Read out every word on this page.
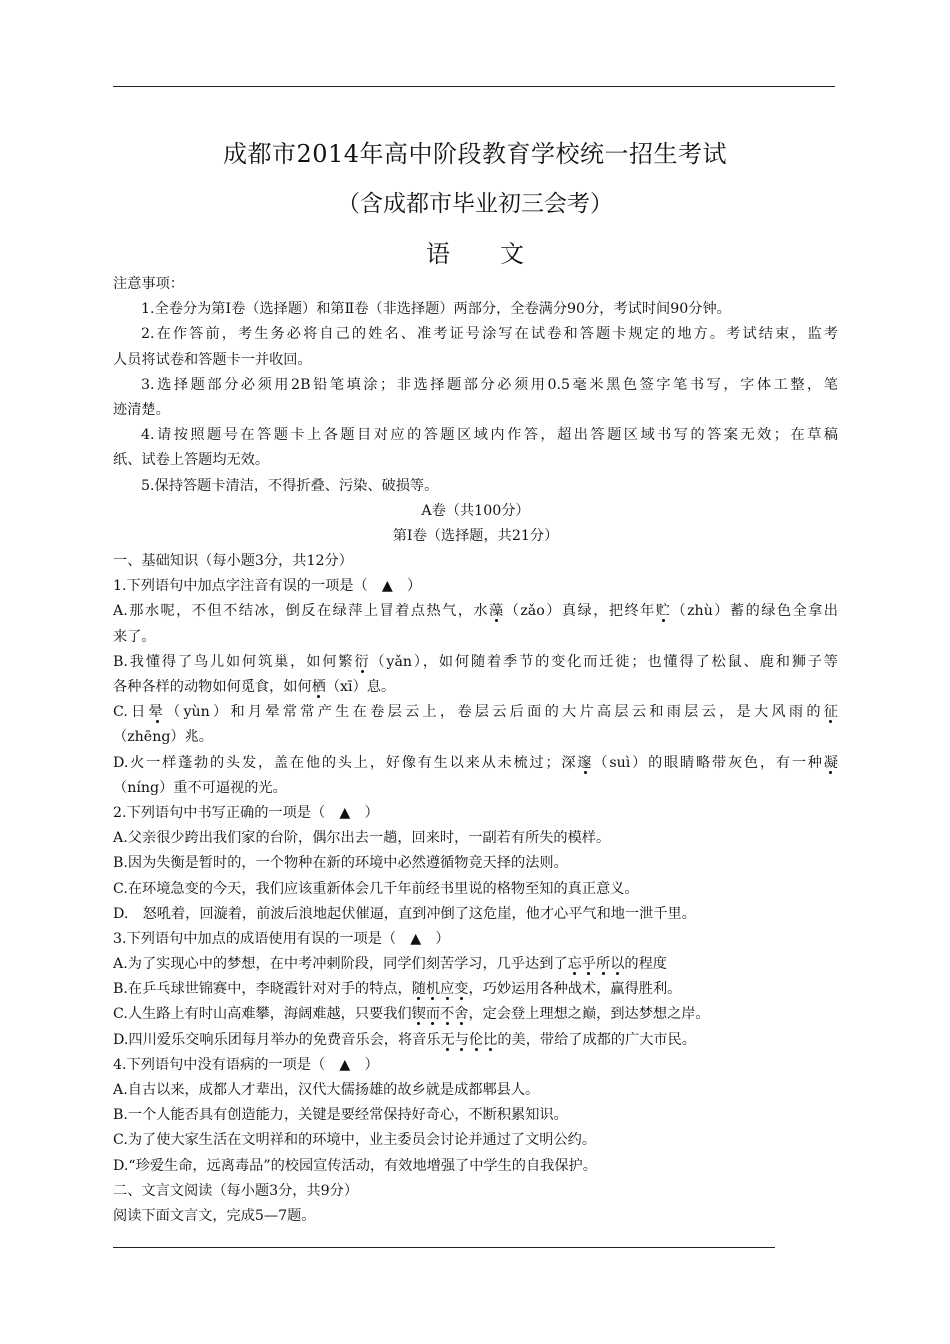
成都市2014年高中阶段教育学校统一招生考试
（含成都市毕业初三会考）
语 文
注意事项：
1.全卷分为第Ⅰ卷（选择题）和第Ⅱ卷（非选择题）两部分，全卷满分90分，考试时间90分钟。
2.在作答前，考生务必将自己的姓名、准考证号涂写在试卷和答题卡规定的地方。考试结束，监考
人员将试卷和答题卡一并收回。
3.选择题部分必须用2B铅笔填涂；非选择题部分必须用0.5毫米黑色签字笔书写，字体工整，笔
迹清楚。
4.请按照题号在答题卡上各题目对应的答题区域内作答，超出答题区域书写的答案无效；在草稿
纸、试卷上答题均无效。
5.保持答题卡清洁，不得折叠、污染、破损等。
A卷（共100分）
第Ⅰ卷（选择题，共21分）
一、基础知识（每小题3分，共12分）
1.下列语句中加点字注音有误的一项是（　▲　）
A.那水呢，不但不结冰，倒反在绿萍上冒着点热气，水藻（zǎo）真绿，把终年贮（zhù）蓄的绿色全拿出
来了。
B.我懂得了鸟儿如何筑巢，如何繁衍（yǎn），如何随着季节的变化而迁徙；也懂得了松鼠、鹿和狮子等
各种各样的动物如何觅食，如何栖（xī）息。
C.日晕（yùn）和月晕常常产生在卷层云上，卷层云后面的大片高层云和雨层云，是大风雨的征
（zhēng）兆。
D.火一样蓬勃的头发，盖在他的头上，好像有生以来从未梳过；深邃（suì）的眼睛略带灰色，有一种凝
（níng）重不可逼视的光。
2.下列语句中书写正确的一项是（　▲　）
A.父亲很少跨出我们家的台阶，偶尔出去一趟，回来时，一副若有所失的模样。
B.因为失衡是暂时的，一个物种在新的环境中必然遵循物竞天择的法则。
C.在环境急变的今天，我们应该重新体会几千年前经书里说的格物至知的真正意义。
D.　怒吼着，回漩着，前波后浪地起伏催逼，直到冲倒了这危崖，他才心平气和地一泄千里。
3.下列语句中加点的成语使用有误的一项是（　▲　）
A.为了实现心中的梦想，在中考冲刺阶段，同学们刻苦学习，几乎达到了忘乎所以的程度
B.在乒乓球世锦赛中，李晓霞针对对手的特点，随机应变，巧妙运用各种战术，赢得胜利。
C.人生路上有时山高难攀，海阔难越，只要我们锲而不舍，定会登上理想之巅，到达梦想之岸。
D.四川爱乐交响乐团每月举办的免费音乐会，将音乐无与伦比的美，带给了成都的广大市民。
4.下列语句中没有语病的一项是（　▲　）
A.自古以来，成都人才辈出，汉代大儒扬雄的故乡就是成都郫县人。
B.一个人能否具有创造能力，关键是要经常保持好奇心，不断积累知识。
C.为了使大家生活在文明祥和的环境中，业主委员会讨论并通过了文明公约。
D.“珍爱生命，远离毒品”的校园宣传活动，有效地增强了中学生的自我保护。
二、文言文阅读（每小题3分，共9分）
阅读下面文言文，完成5—7题。
